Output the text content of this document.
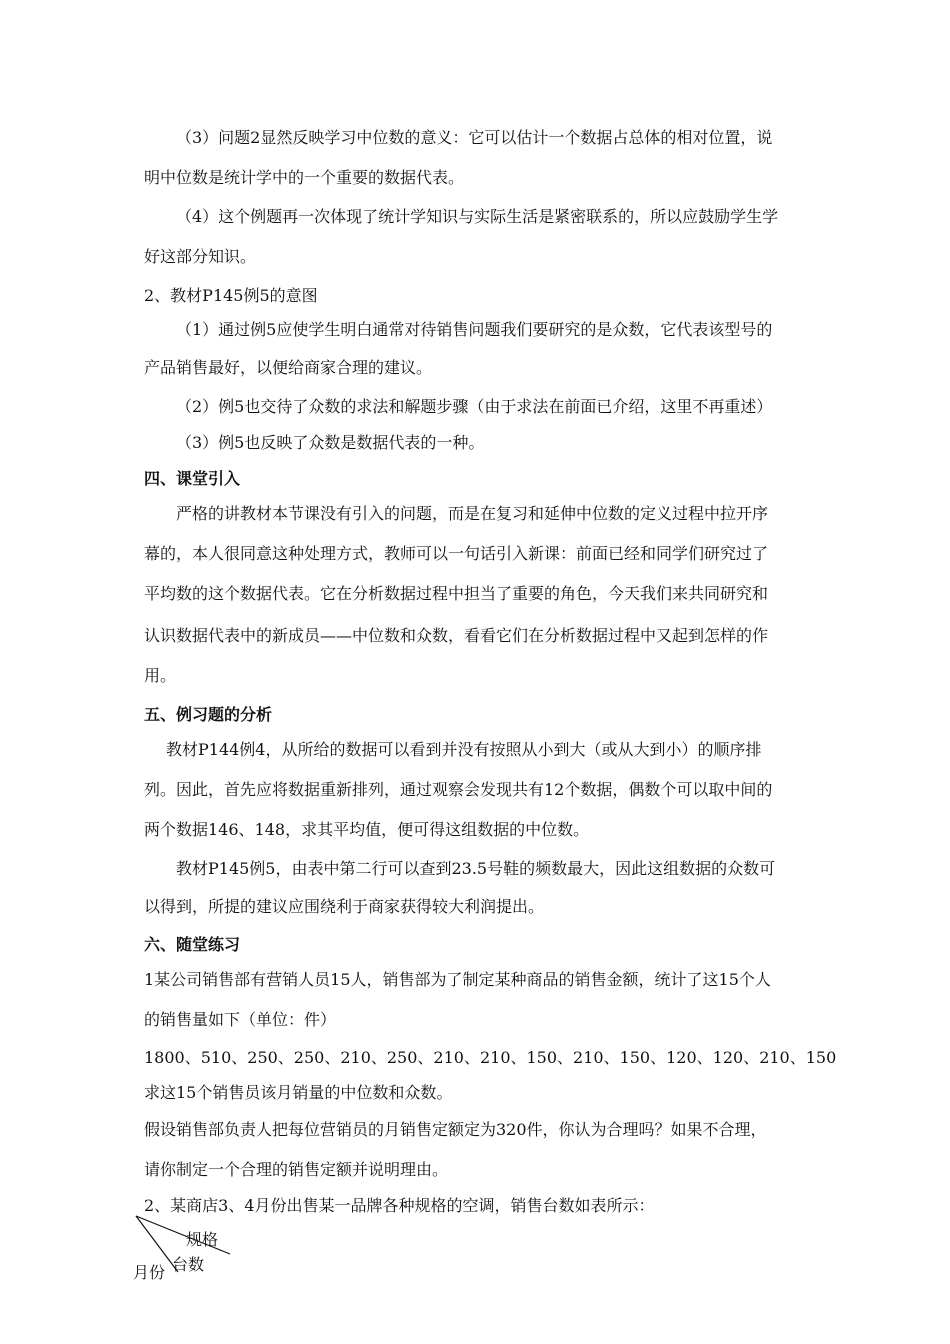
（3）问题2显然反映学习中位数的意义：它可以估计一个数据占总体的相对位置，说
明中位数是统计学中的一个重要的数据代表。
（4）这个例题再一次体现了统计学知识与实际生活是紧密联系的，所以应鼓励学生学
好这部分知识。
2、教材P145例5的意图
（1）通过例5应使学生明白通常对待销售问题我们要研究的是众数，它代表该型号的
产品销售最好，以便给商家合理的建议。
（2）例5也交待了众数的求法和解题步骤（由于求法在前面已介绍，这里不再重述）
（3）例5也反映了众数是数据代表的一种。
四、课堂引入
严格的讲教材本节课没有引入的问题，而是在复习和延伸中位数的定义过程中拉开序
幕的，本人很同意这种处理方式，教师可以一句话引入新课：前面已经和同学们研究过了
平均数的这个数据代表。它在分析数据过程中担当了重要的角色，今天我们来共同研究和
认识数据代表中的新成员——中位数和众数，看看它们在分析数据过程中又起到怎样的作
用。
五、例习题的分析
教材P144例4，从所给的数据可以看到并没有按照从小到大（或从大到小）的顺序排
列。因此，首先应将数据重新排列，通过观察会发现共有12个数据，偶数个可以取中间的
两个数据146、148，求其平均值，便可得这组数据的中位数。
教材P145例5，由表中第二行可以查到23.5号鞋的频数最大，因此这组数据的众数可
以得到，所提的建议应围绕利于商家获得较大利润提出。
六、随堂练习
1某公司销售部有营销人员15人，销售部为了制定某种商品的销售金额，统计了这15个人
的销售量如下（单位：件）
1800、510、250、250、210、250、210、210、150、210、150、120、120、210、150
求这15个销售员该月销量的中位数和众数。
假设销售部负责人把每位营销员的月销售定额定为320件，你认为合理吗？如果不合理，
请你制定一个合理的销售定额并说明理由。
2、某商店3、4月份出售某一品牌各种规格的空调，销售台数如表所示：
规格
台数
月份
